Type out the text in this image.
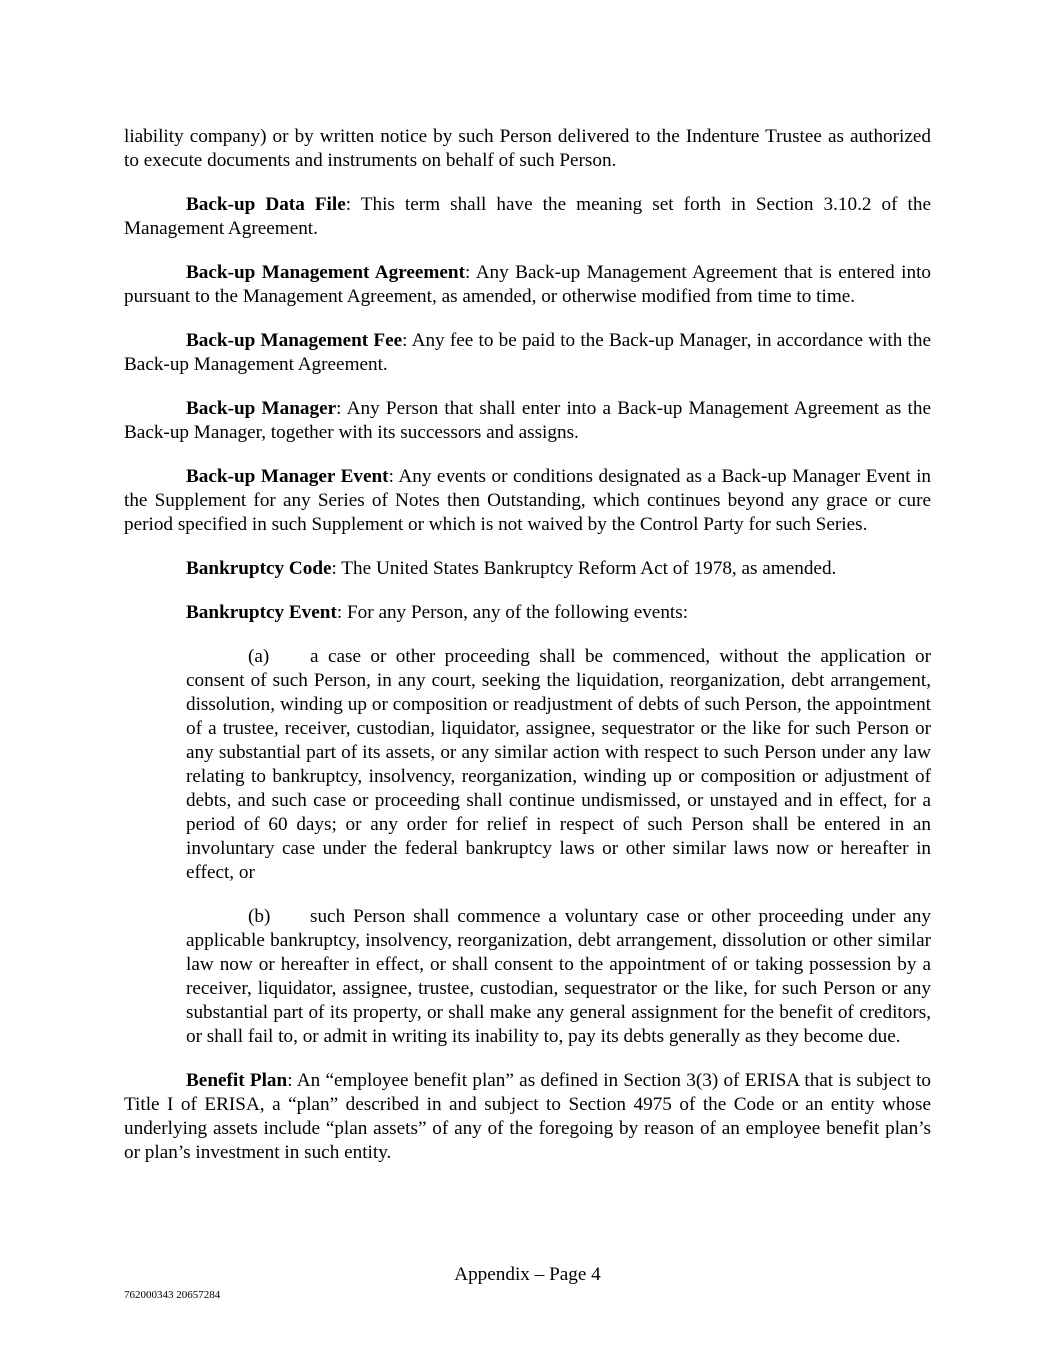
liability company) or by written notice by such Person delivered to the Indenture Trustee as authorized to execute documents and instruments on behalf of such Person.

Back-up Data File: This term shall have the meaning set forth in Section 3.10.2 of the Management Agreement.

Back-up Management Agreement: Any Back-up Management Agreement that is entered into pursuant to the Management Agreement, as amended, or otherwise modified from time to time.

Back-up Management Fee: Any fee to be paid to the Back-up Manager, in accordance with the Back-up Management Agreement.

Back-up Manager: Any Person that shall enter into a Back-up Management Agreement as the Back-up Manager, together with its successors and assigns.

Back-up Manager Event: Any events or conditions designated as a Back-up Manager Event in the Supplement for any Series of Notes then Outstanding, which continues beyond any grace or cure period specified in such Supplement or which is not waived by the Control Party for such Series.

Bankruptcy Code: The United States Bankruptcy Reform Act of 1978, as amended.

Bankruptcy Event: For any Person, any of the following events:

(a) a case or other proceeding shall be commenced, without the application or consent of such Person, in any court, seeking the liquidation, reorganization, debt arrangement, dissolution, winding up or composition or readjustment of debts of such Person, the appointment of a trustee, receiver, custodian, liquidator, assignee, sequestrator or the like for such Person or any substantial part of its assets, or any similar action with respect to such Person under any law relating to bankruptcy, insolvency, reorganization, winding up or composition or adjustment of debts, and such case or proceeding shall continue undismissed, or unstayed and in effect, for a period of 60 days; or any order for relief in respect of such Person shall be entered in an involuntary case under the federal bankruptcy laws or other similar laws now or hereafter in effect, or

(b) such Person shall commence a voluntary case or other proceeding under any applicable bankruptcy, insolvency, reorganization, debt arrangement, dissolution or other similar law now or hereafter in effect, or shall consent to the appointment of or taking possession by a receiver, liquidator, assignee, trustee, custodian, sequestrator or the like, for such Person or any substantial part of its property, or shall make any general assignment for the benefit of creditors, or shall fail to, or admit in writing its inability to, pay its debts generally as they become due.

Benefit Plan: An “employee benefit plan” as defined in Section 3(3) of ERISA that is subject to Title I of ERISA, a “plan” described in and subject to Section 4975 of the Code or an entity whose underlying assets include “plan assets” of any of the foregoing by reason of an employee benefit plan’s or plan’s investment in such entity.

Appendix – Page 4
762000343 20657284
